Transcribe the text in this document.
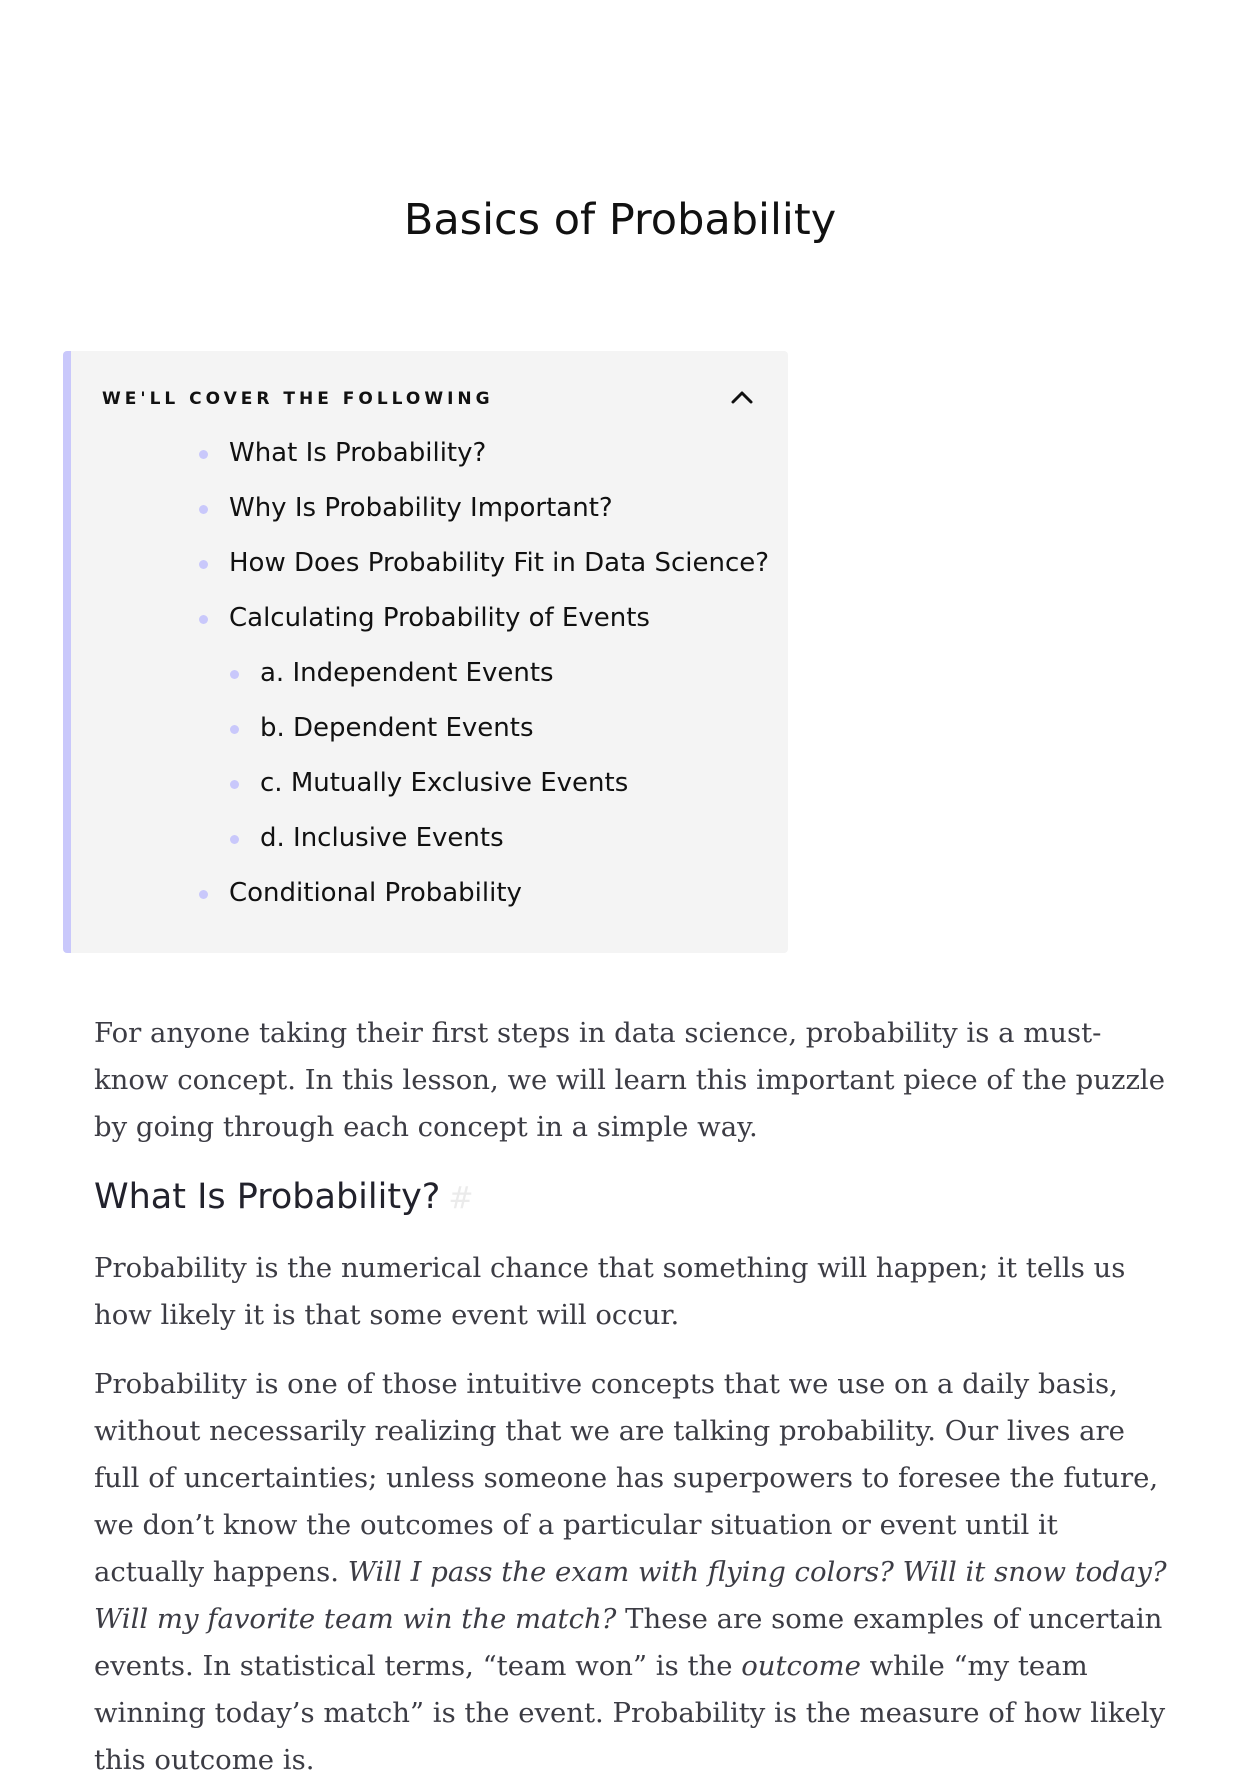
Basics of Probability
WE'LL COVER THE FOLLOWING
What Is Probability?
Why Is Probability Important?
How Does Probability Fit in Data Science?
Calculating Probability of Events
a. Independent Events
b. Dependent Events
c. Mutually Exclusive Events
d. Inclusive Events
Conditional Probability

For anyone taking their first steps in data science, probability is a must-know concept. In this lesson, we will learn this important piece of the puzzle by going through each concept in a simple way.

What Is Probability? #

Probability is the numerical chance that something will happen; it tells us how likely it is that some event will occur.

Probability is one of those intuitive concepts that we use on a daily basis, without necessarily realizing that we are talking probability. Our lives are full of uncertainties; unless someone has superpowers to foresee the future, we don’t know the outcomes of a particular situation or event until it actually happens. Will I pass the exam with flying colors? Will it snow today? Will my favorite team win the match? These are some examples of uncertain events. In statistical terms, “team won” is the outcome while “my team winning today’s match” is the event. Probability is the measure of how likely this outcome is.
